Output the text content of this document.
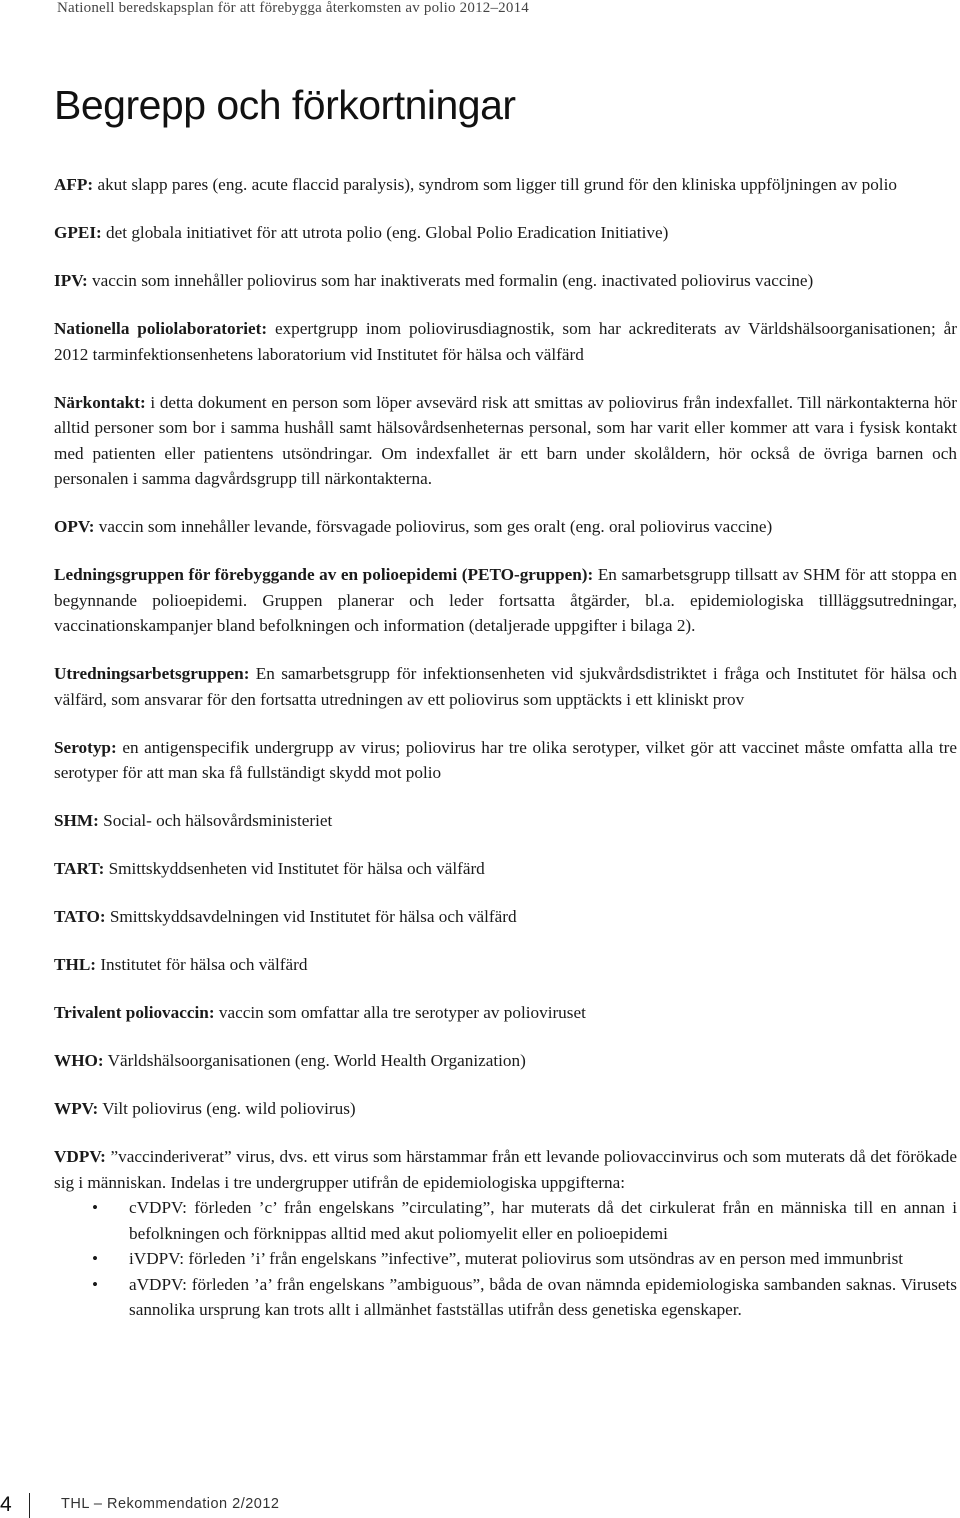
Nationell beredskapsplan för att förebygga återkomsten av polio 2012–2014
Begrepp och förkortningar

AFP: akut slapp pares (eng. acute flaccid paralysis), syndrom som ligger till grund för den kliniska uppföljningen av polio

GPEI: det globala initiativet för att utrota polio (eng. Global Polio Eradication Initiative)

IPV: vaccin som innehåller poliovirus som har inaktiverats med formalin (eng. inactivated poliovirus vaccine)

Nationella poliolaboratoriet: expertgrupp inom poliovirusdiagnostik, som har ackrediterats av Världshälsoorganisationen; år 2012 tarminfektionsenhetens laboratorium vid Institutet för hälsa och välfärd

Närkontakt: i detta dokument en person som löper avsevärd risk att smittas av poliovirus från indexfallet. Till närkontakterna hör alltid personer som bor i samma hushåll samt hälsovårdsenheternas personal, som har varit eller kommer att vara i fysisk kontakt med patienten eller patientens utsöndringar. Om indexfallet är ett barn under skolåldern, hör också de övriga barnen och personalen i samma dagvårdsgrupp till närkontakterna.

OPV: vaccin som innehåller levande, försvagade poliovirus, som ges oralt (eng. oral poliovirus vaccine)

Ledningsgruppen för förebyggande av en polioepidemi (PETO-gruppen): En samarbetsgrupp tillsatt av SHM för att stoppa en begynnande polioepidemi. Gruppen planerar och leder fortsatta åtgärder, bl.a. epidemiologiska tillläggsutredningar, vaccinationskampanjer bland befolkningen och information (detaljerade uppgifter i bilaga 2).

Utredningsarbetsgruppen: En samarbetsgrupp för infektionsenheten vid sjukvårdsdistriktet i fråga och Institutet för hälsa och välfärd, som ansvarar för den fortsatta utredningen av ett poliovirus som upptäckts i ett kliniskt prov

Serotyp: en antigenspecifik undergrupp av virus; poliovirus har tre olika serotyper, vilket gör att vaccinet måste omfatta alla tre serotyper för att man ska få fullständigt skydd mot polio

SHM: Social- och hälsovårdsministeriet

TART: Smittskyddsenheten vid Institutet för hälsa och välfärd

TATO: Smittskyddsavdelningen vid Institutet för hälsa och välfärd

THL: Institutet för hälsa och välfärd

Trivalent poliovaccin: vaccin som omfattar alla tre serotyper av polioviruset

WHO: Världshälsoorganisationen (eng. World Health Organization)

WPV: Vilt poliovirus (eng. wild poliovirus)

VDPV: ”vaccinderiverat” virus, dvs. ett virus som härstammar från ett levande poliovaccinvirus och som muterats då det förökade sig i människan. Indelas i tre undergrupper utifrån de epidemiologiska uppgifterna:
• cVDPV: förleden ’c’ från engelskans ”circulating”, har muterats då det cirkulerat från en människa till en annan i befolkningen och förknippas alltid med akut poliomyelit eller en polioepidemi
• iVDPV: förleden ’i’ från engelskans ”infective”, muterat poliovirus som utsöndras av en person med immunbrist
• aVDPV: förleden ’a’ från engelskans ”ambiguous”, båda de ovan nämnda epidemiologiska sambanden saknas. Virusets sannolika ursprung kan trots allt i allmänhet fastställas utifrån dess genetiska egenskaper.
4	THL – Rekommendation 2/2012
